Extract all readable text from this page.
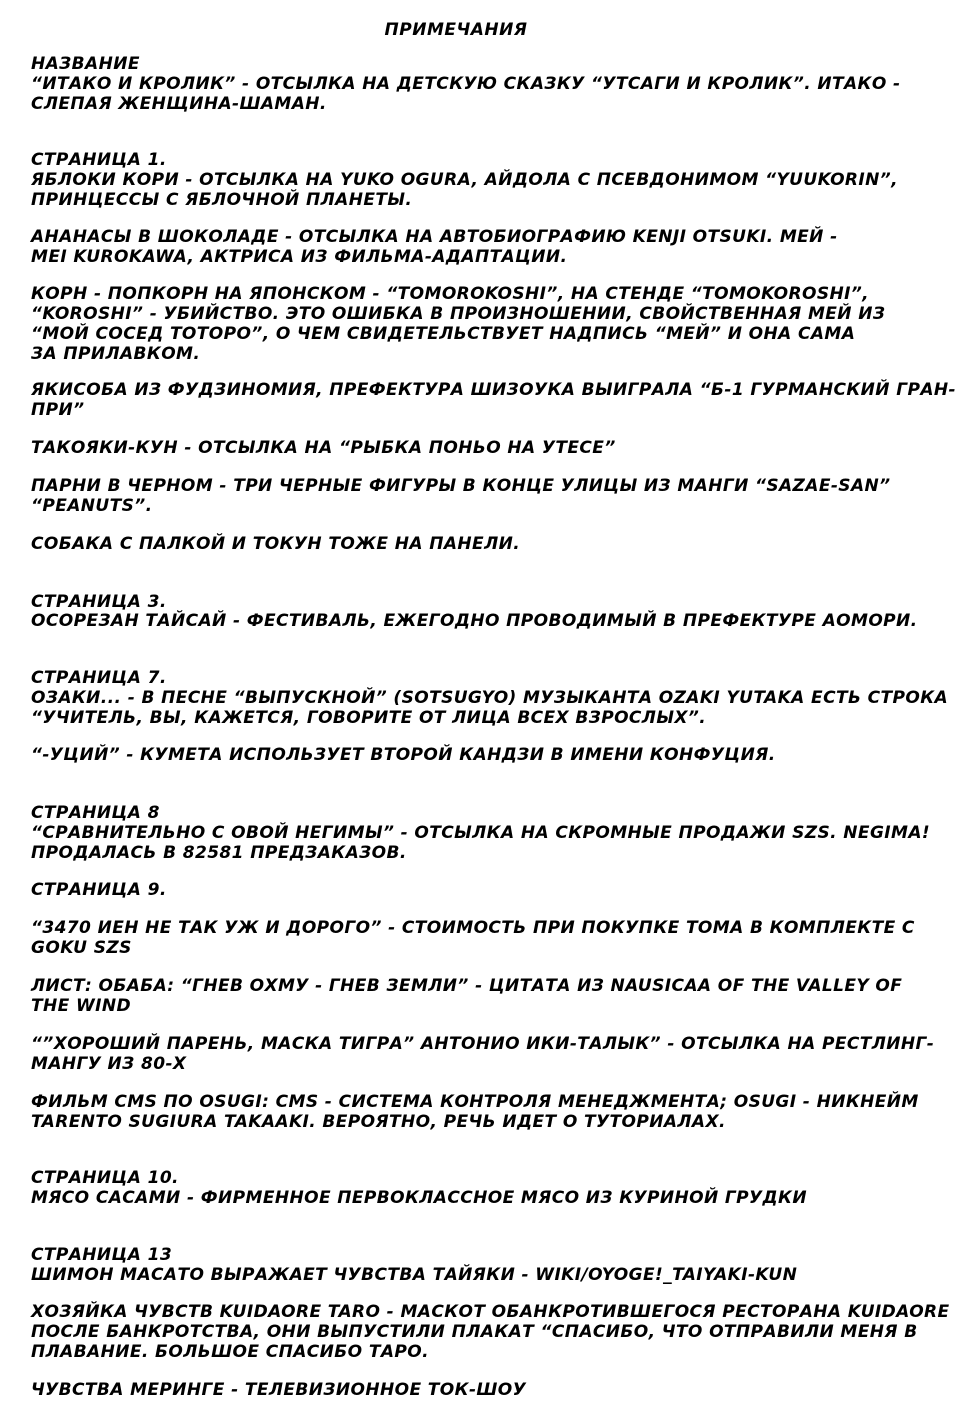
ПРИМЕЧАНИЯ
НАЗВАНИЕ
“ИТАКО И КРОЛИК” - ОТСЫЛКА НА ДЕТСКУЮ СКАЗКУ “УТСАГИ И КРОЛИК”. ИТАКО -
СЛЕПАЯ ЖЕНЩИНА-ШАМАН.
СТРАНИЦА 1.
ЯБЛОКИ КОРИ - ОТСЫЛКА НА YUKO OGURA, АЙДОЛА С ПСЕВДОНИМОМ “YUUKORIN”,
ПРИНЦЕССЫ С ЯБЛОЧНОЙ ПЛАНЕТЫ.
АНАНАСЫ В ШОКОЛАДЕ - ОТСЫЛКА НА АВТОБИОГРАФИЮ KENJI OTSUKI. МЕЙ -
MEI KUROKAWA, АКТРИСА ИЗ ФИЛЬМА-АДАПТАЦИИ.
КОРН - ПОПКОРН НА ЯПОНСКОМ - “TOMOROKOSHI”, НА СТЕНДЕ “TOMOKOROSHI”,
“KOROSHI” - УБИЙСТВО. ЭТО ОШИБКА В ПРОИЗНОШЕНИИ, СВОЙСТВЕННАЯ МЕЙ ИЗ
“МОЙ СОСЕД ТОТОРО”, О ЧЕМ СВИДЕТЕЛЬСТВУЕТ НАДПИСЬ “МЕЙ” И ОНА САМА
ЗА ПРИЛАВКОМ.
ЯКИСОБА ИЗ ФУДЗИНОМИЯ, ПРЕФЕКТУРА ШИЗОУКА ВЫИГРАЛА “Б-1 ГУРМАНСКИЙ ГРАН-
ПРИ”
ТАКОЯКИ-КУН - ОТСЫЛКА НА “РЫБКА ПОНЬО НА УТЕСЕ”
ПАРНИ В ЧЕРНОМ - ТРИ ЧЕРНЫЕ ФИГУРЫ В КОНЦЕ УЛИЦЫ ИЗ МАНГИ “SAZAE-SAN”
“PEANUTS”.
СОБАКА С ПАЛКОЙ И ТОКУН ТОЖЕ НА ПАНЕЛИ.
СТРАНИЦА 3.
ОСОРЕЗАН ТАЙСАЙ - ФЕСТИВАЛЬ, ЕЖЕГОДНО ПРОВОДИМЫЙ В ПРЕФЕКТУРЕ АОМОРИ.
СТРАНИЦА 7.
ОЗАКИ... - В ПЕСНЕ “ВЫПУСКНОЙ” (SOTSUGYO) МУЗЫКАНТА OZAKI YUTAKA ЕСТЬ СТРОКА
“УЧИТЕЛЬ, ВЫ, КАЖЕТСЯ, ГОВОРИТЕ ОТ ЛИЦА ВСЕХ ВЗРОСЛЫХ”.
“-УЦИЙ” - КУМЕТА ИСПОЛЬЗУЕТ ВТОРОЙ КАНДЗИ В ИМЕНИ КОНФУЦИЯ.
СТРАНИЦА 8
“СРАВНИТЕЛЬНО С ОВОЙ НЕГИМЫ” - ОТСЫЛКА НА СКРОМНЫЕ ПРОДАЖИ SZS. NEGIMA!
ПРОДАЛАСЬ В 82581 ПРЕДЗАКАЗОВ.
СТРАНИЦА 9.
“3470 ИЕН НЕ ТАК УЖ И ДОРОГО” - СТОИМОСТЬ ПРИ ПОКУПКЕ ТОМА В КОМПЛЕКТЕ С
GOKU SZS
ЛИСТ: ОБАБА: “ГНЕВ ОХМУ - ГНЕВ ЗЕМЛИ” - ЦИТАТА ИЗ NAUSICAA OF THE VALLEY OF
THE WIND
“”ХОРОШИЙ ПАРЕНЬ, МАСКА ТИГРА” АНТОНИО ИКИ-ТАЛЫК” - ОТСЫЛКА НА РЕСТЛИНГ-
МАНГУ ИЗ 80-Х
ФИЛЬМ CMS ПО OSUGI: CMS - СИСТЕМА КОНТРОЛЯ МЕНЕДЖМЕНТА; OSUGI - НИКНЕЙМ
TARENTO SUGIURA TAKAAKI. ВЕРОЯТНО, РЕЧЬ ИДЕТ О ТУТОРИАЛАХ.
СТРАНИЦА 10.
МЯСО САСАМИ - ФИРМЕННОЕ ПЕРВОКЛАССНОЕ МЯСО ИЗ КУРИНОЙ ГРУДКИ
СТРАНИЦА 13
ШИМОН МАСАТО ВЫРАЖАЕТ ЧУВСТВА ТАЙЯКИ - WIKI/OYOGE!_TAIYAKI-KUN
ХОЗЯЙКА ЧУВСТВ KUIDAORE TARO - МАСКОТ ОБАНКРОТИВШЕГОСЯ РЕСТОРАНА KUIDAORE
ПОСЛЕ БАНКРОТСТВА, ОНИ ВЫПУСТИЛИ ПЛАКАТ “СПАСИБО, ЧТО ОТПРАВИЛИ МЕНЯ В
ПЛАВАНИЕ. БОЛЬШОЕ СПАСИБО ТАРО.
ЧУВСТВА МЕРИНГЕ - ТЕЛЕВИЗИОННОЕ ТОК-ШОУ
